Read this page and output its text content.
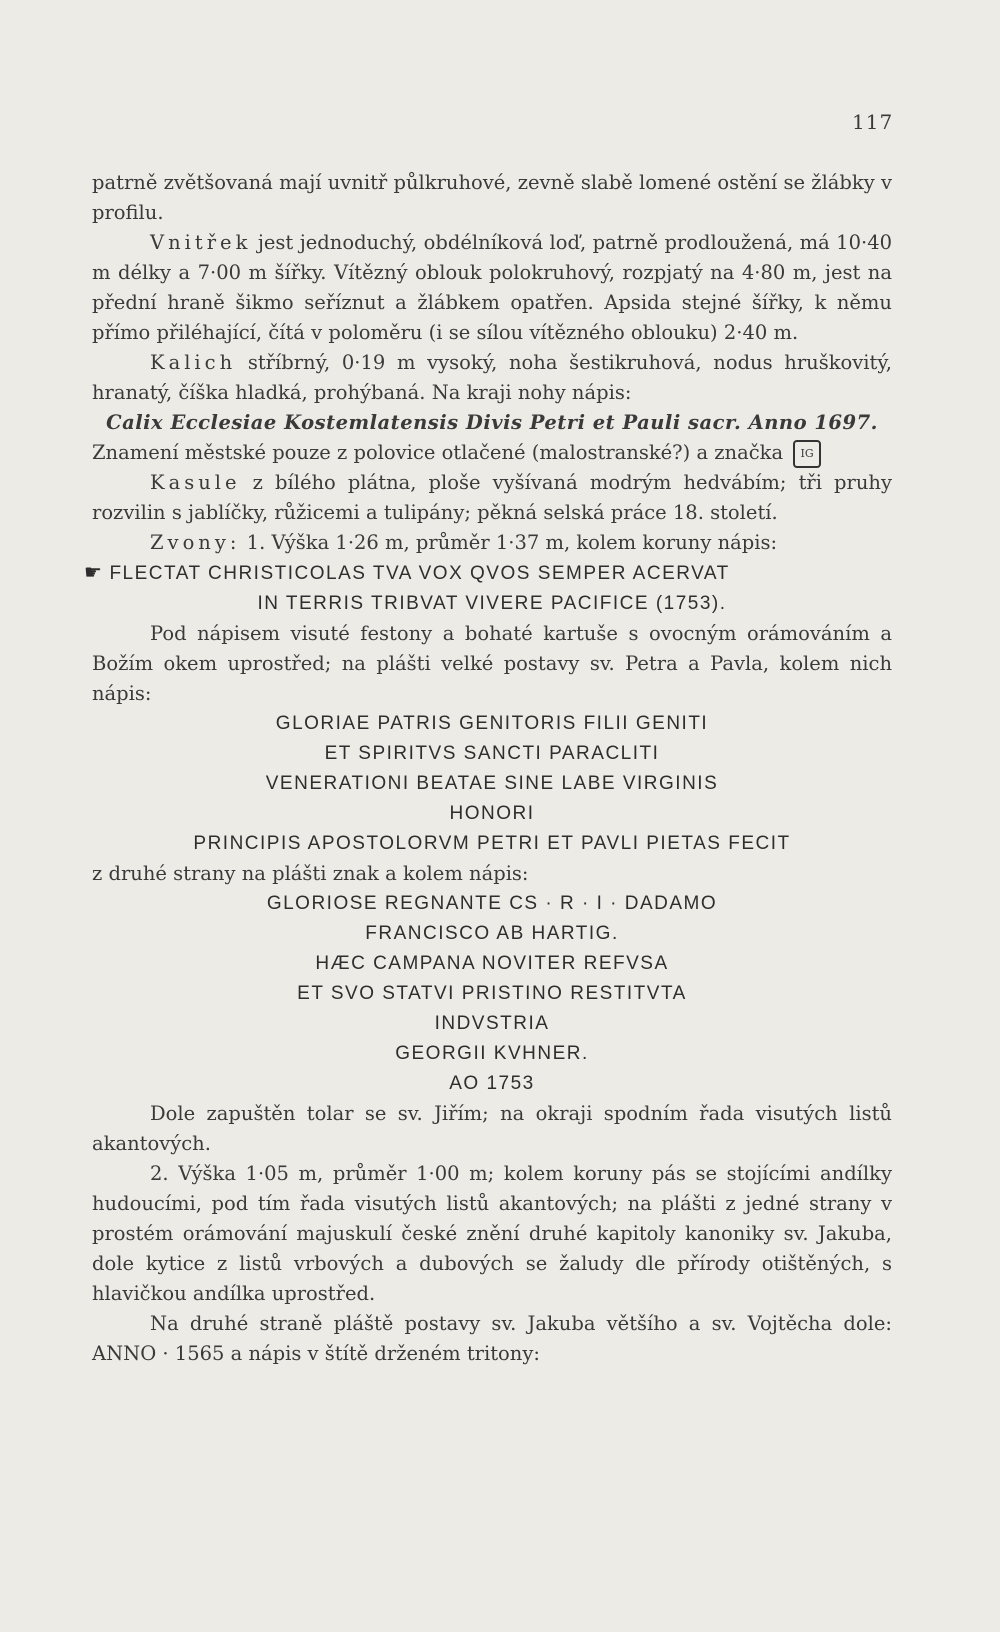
117

patrně zvětšovaná mají uvnitř půlkruhové, zevně slabě lomené ostění se žlábky v profilu.

Vnitřek jest jednoduchý, obdélníková loď, patrně prodloužená, má 10·40 m délky a 7·00 m šířky. Vítězný oblouk polokruhový, rozpjatý na 4·80 m, jest na přední hraně šikmo seříznut a žlábkem opatřen. Apsida stejné šířky, k němu přímo přiléhající, čítá v poloměru (i se sílou vítězného oblouku) 2·40 m.

Kalich stříbrný, 0·19 m vysoký, noha šestikruhová, nodus hruškovitý, hranatý, číška hladká, prohýbaná. Na kraji nohy nápis:

Calix Ecclesiae Kostemlatensis Divis Petri et Pauli sacr. Anno 1697.

Znamení městské pouze z polovice otlačené (malostranské?) a značka IG

Kasule z bílého plátna, ploše vyšívaná modrým hedvábím; tři pruhy rozvilin s jablíčky, růžicemi a tulipány; pěkná selská práce 18. století.

Zvony: 1. Výška 1·26 m, průměr 1·37 m, kolem koruny nápis:

☛ FLECTAT CHRISTICOLAS TVA VOX QVOS SEMPER ACERVAT

IN TERRIS TRIBVAT VIVERE PACIFICE (1753).

Pod nápisem visuté festony a bohaté kartuše s ovocným orámováním a Božím okem uprostřed; na plášti velké postavy sv. Petra a Pavla, kolem nich nápis:

GLORIAE PATRIS GENITORIS FILII GENITI

ET SPIRITVS SANCTI PARACLITI

VENERATIONI BEATAE SINE LABE VIRGINIS

HONORI

PRINCIPIS APOSTOLORVM PETRI ET PAVLI PIETAS FECIT

z druhé strany na plášti znak a kolem nápis:

GLORIOSE REGNANTE CS · R · I · DADAMO

FRANCISCO AB HARTIG.

HÆC CAMPANA NOVITER REFVSA

ET SVO STATVI PRISTINO RESTITVTA

INDVSTRIA

GEORGII KVHNER.

AO 1753

Dole zapuštěn tolar se sv. Jiřím; na okraji spodním řada visutých listů akantových.

2. Výška 1·05 m, průměr 1·00 m; kolem koruny pás se stojícími andílky hudoucími, pod tím řada visutých listů akantových; na plášti z jedné strany v prostém orámování majuskulí české znění druhé kapitoly kanoniky sv. Jakuba, dole kytice z listů vrbových a dubových se žaludy dle přírody otištěných, s hlavičkou andílka uprostřed.

Na druhé straně pláště postavy sv. Jakuba většího a sv. Vojtěcha dole: ANNO · 1565 a nápis v štítě drženém tritony:
